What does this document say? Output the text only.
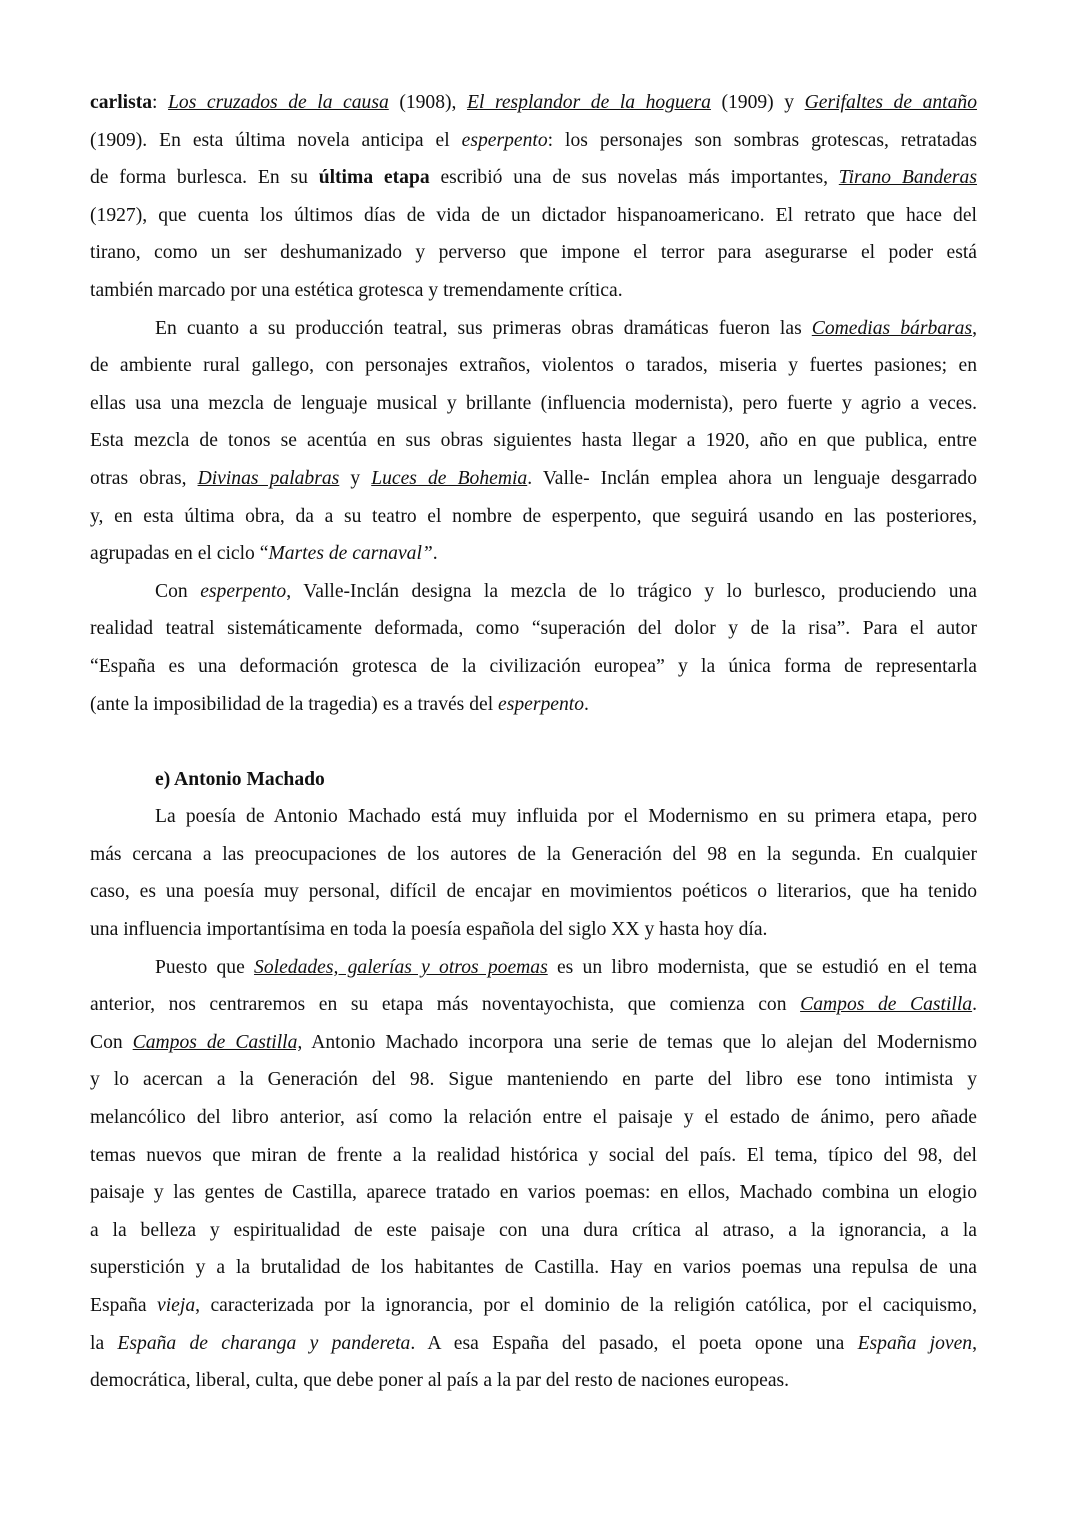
carlista: Los cruzados de la causa (1908), El resplandor de la hoguera (1909) y Gerifaltes de antaño
(1909). En esta última novela anticipa el esperpento: los personajes son sombras grotescas, retratadas
de forma burlesca. En su última etapa escribió una de sus novelas más importantes, Tirano Banderas
(1927), que cuenta los últimos días de vida de un dictador hispanoamericano. El retrato que hace del
tirano, como un ser deshumanizado y perverso que impone el terror para asegurarse el poder está
también marcado por una estética grotesca y tremendamente crítica.
En cuanto a su producción teatral, sus primeras obras dramáticas fueron las Comedias bárbaras,
de ambiente rural gallego, con personajes extraños, violentos o tarados, miseria y fuertes pasiones; en
ellas usa una mezcla de lenguaje musical y brillante (influencia modernista), pero fuerte y agrio a veces.
Esta mezcla de tonos se acentúa en sus obras siguientes hasta llegar a 1920, año en que publica, entre
otras obras, Divinas palabras y Luces de Bohemia. Valle- Inclán emplea ahora un lenguaje desgarrado
y, en esta última obra, da a su teatro el nombre de esperpento, que seguirá usando en las posteriores,
agrupadas en el ciclo “Martes de carnaval”.
Con esperpento, Valle-Inclán designa la mezcla de lo trágico y lo burlesco, produciendo una
realidad teatral sistemáticamente deformada, como “superación del dolor y de la risa”. Para el autor
“España es una deformación grotesca de la civilización europea” y la única forma de representarla
(ante la imposibilidad de la tragedia) es a través del esperpento.
e) Antonio Machado
La poesía de Antonio Machado está muy influida por el Modernismo en su primera etapa, pero
más cercana a las preocupaciones de los autores de la Generación del 98 en la segunda. En cualquier
caso, es una poesía muy personal, difícil de encajar en movimientos poéticos o literarios, que ha tenido
una influencia importantísima en toda la poesía española del siglo XX y hasta hoy día.
Puesto que Soledades, galerías y otros poemas es un libro modernista, que se estudió en el tema
anterior, nos centraremos en su etapa más noventayochista, que comienza con Campos de Castilla.
Con Campos de Castilla, Antonio Machado incorpora una serie de temas que lo alejan del Modernismo
y lo acercan a la Generación del 98. Sigue manteniendo en parte del libro ese tono intimista y
melancólico del libro anterior, así como la relación entre el paisaje y el estado de ánimo, pero añade
temas nuevos que miran de frente a la realidad histórica y social del país. El tema, típico del 98, del
paisaje y las gentes de Castilla, aparece tratado en varios poemas: en ellos, Machado combina un elogio
a la belleza y espiritualidad de este paisaje con una dura crítica al atraso, a la ignorancia, a la
superstición y a la brutalidad de los habitantes de Castilla. Hay en varios poemas una repulsa de una
España vieja, caracterizada por la ignorancia, por el dominio de la religión católica, por el caciquismo,
la España de charanga y pandereta. A esa España del pasado, el poeta opone una España joven,
democrática, liberal, culta, que debe poner al país a la par del resto de naciones europeas.
